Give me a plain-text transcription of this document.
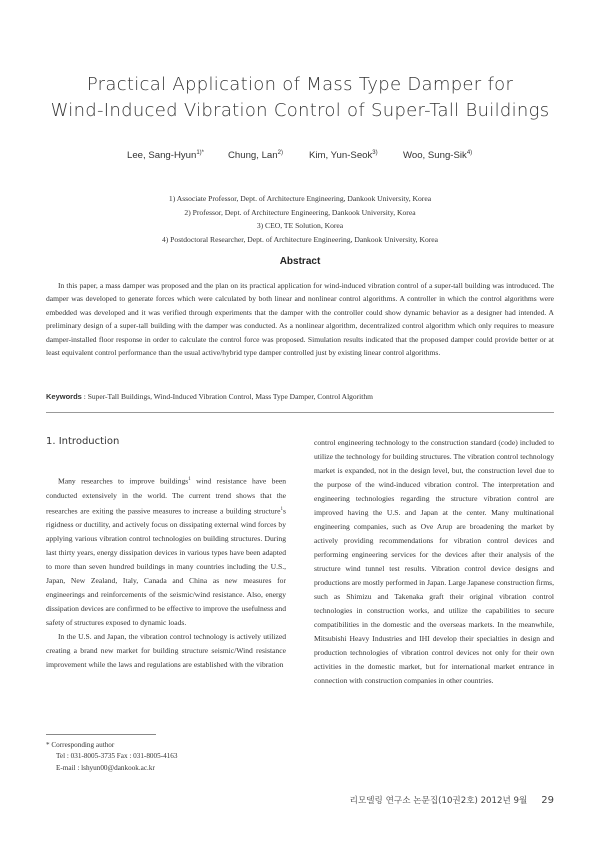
Practical Application of Mass Type Damper for
Wind-Induced Vibration Control of Super-Tall Buildings
Lee, Sang-Hyun$^{1)*}$ Chung, Lan$^{2)}$	Kim, Yun-Seok$^{3)}$	Woo, Sung-Sik$^{4)}$
1) Associate Professor, Dept. of Architecture Engineering, Dankook University, Korea
2) Professor, Dept. of Architecture Engineering, Dankook University, Korea
3) CEO, TE Solution, Korea
4) Postdoctoral Researcher, Dept. of Architecture Engineering, Dankook University, Korea
Abstract
In this paper, a mass damper was proposed and the plan on its practical application for wind-induced vibration control of a super-tall building was introduced. The damper was developed to generate forces which were calculated by both linear and nonlinear control algorithms. A controller in which the control algorithms were embedded was developed and it was verified through experiments that the damper with the controller could show dynamic behavior as a designer had intended. A preliminary design of a super-tall building with the damper was conducted. As a nonlinear algorithm, decentralized control algorithm which only requires to measure damper-installed floor response in order to calculate the control force was proposed. Simulation results indicated that the proposed damper could provide better or at least equivalent control performance than the usual active/hybrid type damper controlled just by existing linear control algorithms.
Keywords : Super-Tall Buildings, Wind-Induced Vibration Control, Mass Type Damper, Control Algorithm
1. Introduction

Many researches to improve buildings$^1$ wind resistance have been conducted extensively in the world. The current trend shows that the researches are exiting the passive measures to increase a building structure$^1$s rigidness or ductility, and actively focus on dissipating external wind forces by applying various vibration control technologies on building structures. During last thirty years, energy dissipation devices in various types have been adapted to more than seven hundred buildings in many countries including the U.S., Japan, New Zealand, Italy, Canada and China as new measures for engineerings and reinforcements of the seismic/wind resistance. Also, energy dissipation devices are confirmed to be effective to improve the usefulness and safety of structures exposed to dynamic loads.

In the U.S. and Japan, the vibration control technology is actively utilized creating a brand new market for building structure seismic/Wind resistance improvement while the laws and regulations are established with the vibration

control engineering technology to the construction standard (code) included to utilize the technology for building structures. The vibration control technology market is expanded, not in the design level, but, the construction level due to the purpose of the wind-induced vibration control. The interpretation and engineering technologies regarding the structure vibration control are improved having the U.S. and Japan at the center. Many multinational engineering companies, such as Ove Arup are broadening the market by actively providing recommendations for vibration control devices and performing engineering services for the devices after their analysis of the structure wind tunnel test results. Vibration control device designs and productions are mostly performed in Japan. Large Japanese construction firms, such as Shimizu and Takenaka graft their original vibration control technologies in construction works, and utilize the capabilities to secure compatibilities in the domestic and the overseas markets. In the meanwhile, Mitsubishi Heavy Industries and IHI develop their specialties in design and production technologies of vibration control devices not only for their own activities in the domestic market, but for international market entrance in connection with construction companies in other countries.

* Corresponding author
Tel : 031-8005-3735 Fax : 031-8005-4163
E-mail : lshyun00@dankook.ac.kr
리모델링 연구소 논문집(10권2호) 2012년 9월 29
